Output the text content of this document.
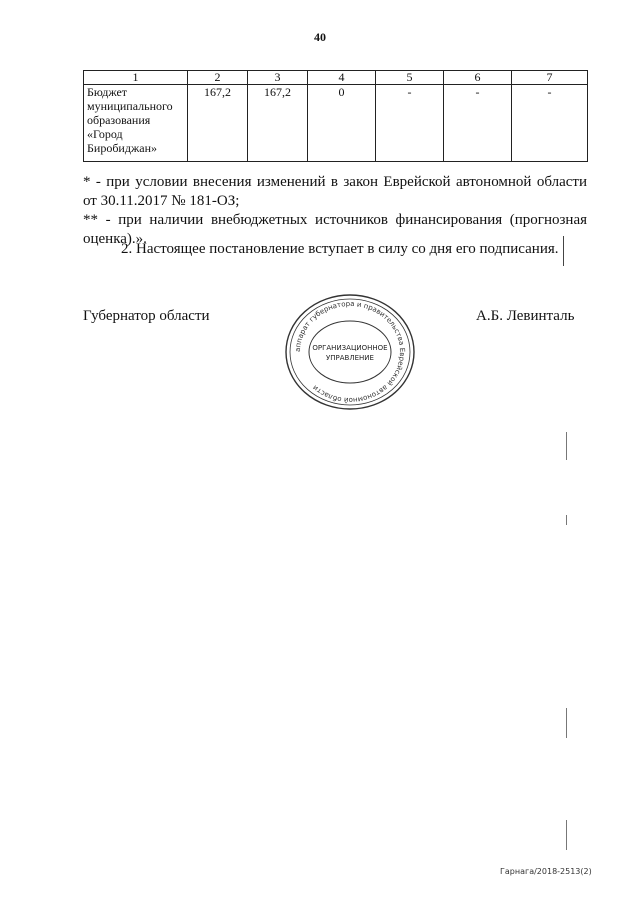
40
1	2	3	4	5	6	7
Бюджет муниципального образования «Город Биробиджан»	167,2	167,2	0	-	-	-
* - при условии внесения изменений в закон Еврейской автономной области
от 30.11.2017 № 181-ОЗ;
** - при наличии внебюджетных источников финансирования (прогнозная
оценка).».
2. Настоящее постановление вступает в силу со дня его подписания.
Губернатор области	А.Б. Левинталь
аппарат губернатора и правительства Еврейской автономной области
ОРГАНИЗАЦИОННОЕ
УПРАВЛЕНИЕ
Гарнага/2018-2513(2)
